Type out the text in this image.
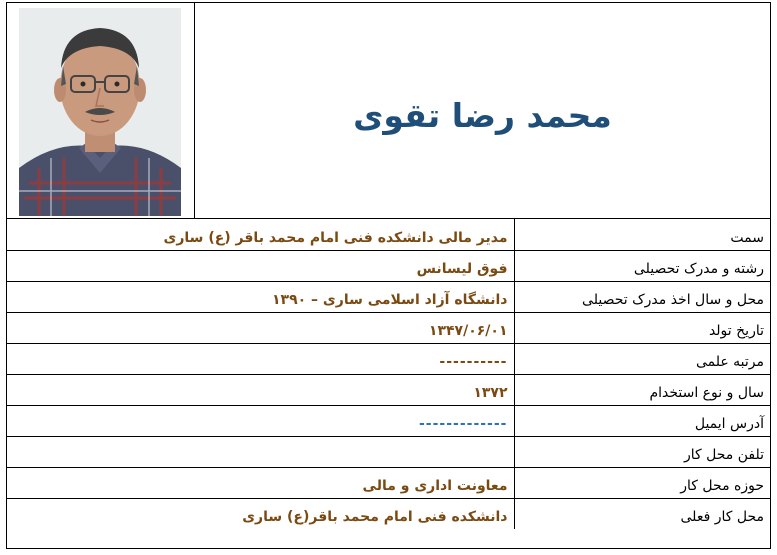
محمد رضا تقوی
سمت	مدیر مالی دانشکده فنی امام محمد باقر (ع) ساری
رشته و مدرک تحصیلی	فوق لیسانس
محل و سال اخذ مدرک تحصیلی	دانشگاه آزاد اسلامی ساری – ۱۳۹۰
تاریخ تولد	۱۳۴۷/۰۶/۰۱
مرتبه علمی	----------
سال و نوع استخدام	۱۳۷۲
آدرس ایمیل	-------------
تلفن محل کار	
حوزه محل کار	معاونت اداری و مالی
محل کار فعلی	دانشکده فنی امام محمد باقر(ع) ساری
